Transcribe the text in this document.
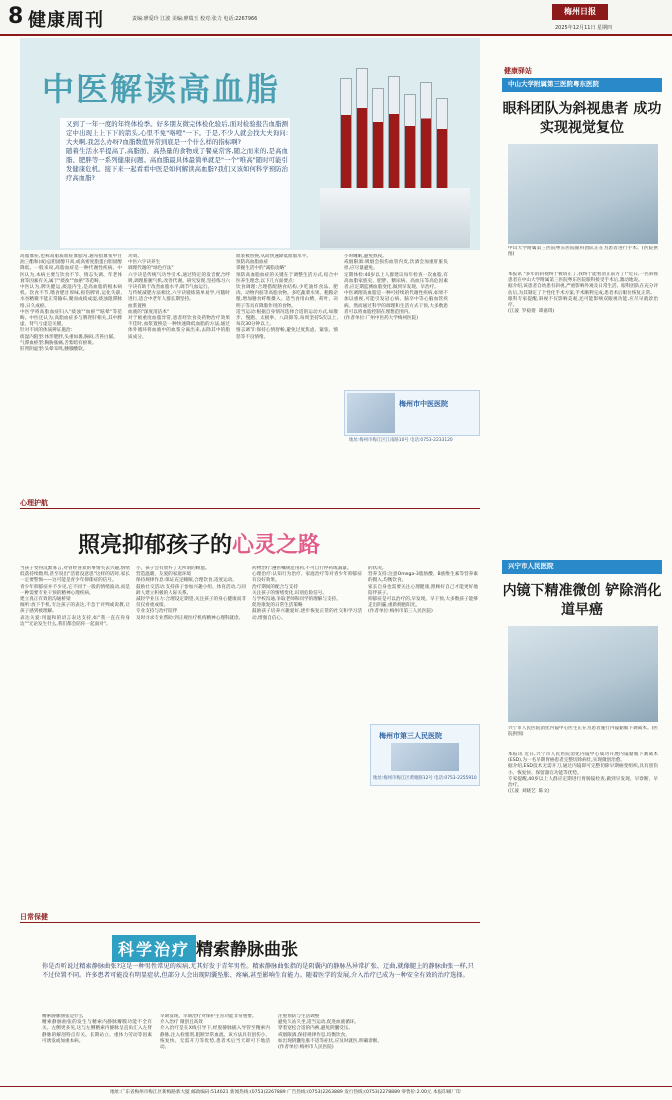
8 健康周刊	责编:廖爱玲 江波 美编:廖瑞玉 校对:张力 电话:2267966
梅州日报
2025年12月11日 星期四
中医解读高血脂
又到了一年一度的年终体检季。好多朋友微完体检化验后,面对检验报告血脂测定中出现上上下下的箭头,心里不免"咯噔"一下。于是,不少人就会找大夫询问:大夫啊,我怎么办呀?血脂数值异常到底是一个什么样的指标啊?
随着生活水平提高了,高脂肪、高热量的食物成了餐桌常客,随之而来的,是高血脂、肥胖等一系列健康问题。高血脂最具体最简单就是"一个"唯高"随时可能引发健康危机。接下来一起看看中医是如何解读高血脂?我们又该如何科学预防治疗高血脂?
高脂血症,也称高脂质血症血脂常,通常指血浆中甘油三酯和(或)总胆固醇升高,或高密度脂蛋白胆固醇降低。一般来说,高脂血症是一种代谢性疾病。中医认为,本病主要与饮食不节、情志失调、年老体衰等因素有关,属于"痰浊""血瘀"等范畴。
中医认为,脾失健运,痰湿内生,是高血脂的根本病机。饮食不节,嗜食肥甘厚味,损伤脾胃,运化失职,水谷精微不能正常输布,聚而成痰成湿,痰浊阻滞脉络,日久成瘀。
中医学将高脂血症归入"痰浊""血瘀""眩晕"等范畴。中医还认为,高脂血症多与脾肾肝相关,其中脾虚、肾气亏虚是关键。
针对不同的体质辨证施治:
痰湿内阻型:体形肥胖,头重如裹,胸闷,舌苔白腻。
气滞血瘀型:胸胁胀痛,舌紫暗有瘀斑。
肝肾阴虚型:头晕耳鸣,腰膝酸软。
功效。
中医六字诀养生
调理代谢的"绿色疗法"
六字诀是传统气功导引术,通过特定的发音配合呼吸,调理脏腑气机,改善代谢。研究发现,坚持练习六字诀有助于改善血脂水平,调节气血运行。
与传统减肥方法相比,六字诀锻炼简单易学,可随时进行,适合中老年人群长期坚持。
血浆置换
血液的"深度清洁术"
对于极重度血脂异常,患者经饮食及药物治疗效果不佳时,血浆置换是一种快速降低血脂的方法,通过体外循环将血液中的血浆分离出来,去除其中的脂质成分。
血浆被替换,从而快速降低血脂水平。
预防高血脂血症
掌握生活中的"减脂攻略"
预防高血脂血症的关键在于调整生活方式,结合中医养生理念,以下几方面要点:
饮食调理:合理搭配膳食结构,少吃油炸食品、肥肉、动物内脏等高脂食物。多吃蔬菜水果、粗粮杂粮,增加膳食纤维摄入。适当食用山楂、荷叶、决明子等具有降脂作用的食物。
适当运动:根据自身情况选择合适的运动方式,如散步、慢跑、太极拳、八段锦等,每周坚持5次以上,每次30分钟以上。
情志调节:保持心情舒畅,避免过度焦虑、紧张、愤怒等不良情绪。
小时睡眠,避免熬夜。
戒烟限酒:吸烟会损伤血管内皮,饮酒会加重肝脏负担,应尽量避免。
定期体检:40岁以上人群建议每年检查一次血脂,有高血脂家族史、肥胖、糖尿病、高血压等高危因素者,应定期监测血脂变化,做到早发现、早治疗。
中医调理高血脂是一种可持续的代谢性疾病,如果不加以重视,可能引发冠心病、脑卒中等心脑血管疾病。然而通过科学的调理和生活方式干预,大多数患者可以将血脂控制在理想范围内。
(作者单位:广州中医药大学梅州医院)
梅州市中医医院
地址:梅州市梅江区江南路10号 电话:0753-2233120
心理护航
照亮抑郁孩子的心灵之路
当孩子变得沉默寡言,对曾经喜欢的事情失去兴趣,情绪低落持续数周,甚至说出"活着没意思"这样的话时,家长一定要警惕——这可能是青少年抑郁症的信号。
青少年抑郁症并不少见,它不同于一般的情绪波动,而是一种需要专业干预的精神心理疾病。
建立真正有效的沟通桥梁
倾听:放下手机,专注孩子的表达,不急于评判或说教,让孩子感到被理解。
表达关爱:用温和的语言表达支持,如"我一直在你身边""无论发生什么,我们都会陪你一起面对"。
小、孩子会有放弃了无所谓的顾虑。
营造温暖、友爱的家庭环境
保持规律作息:保证充足睡眠,合理饮食,适度运动。
鼓励社交活动:支持孩子参加兴趣小组、体育活动,与同龄人建立积极的人际关系。
减轻学业压力:合理设定期望,关注孩子的身心健康而非仅仅看重成绩。
专业支持与治疗陪伴
及时寻求专业帮助:到正规医疗机构精神心理科就诊。
药物治疗:遵医嘱规范用药,不可自行停药或减量。
心理治疗:认知行为治疗、家庭治疗等对青少年抑郁症有良好效果。
治疗期间的配合与支持
关注孩子的情绪变化,识别危险信号。
与学校沟通,争取老师和同学的理解与支持。
促进康复的日常生活策略
鼓励孩子培养兴趣爱好,逐步恢复正常的社交和学习活动,增强自信心。
的状况。
营养支持:注意Omega-3脂肪酸、B族维生素等营养素的摄入,均衡饮食。
家长自身也需要关注心理健康,照顾好自己才能更好地陪伴孩子。
抑郁症是可以治疗的,早发现、早干预,大多数孩子能够走出阴霾,重新拥抱阳光。
(作者单位:梅州市第三人民医院)
梅州市第三人民医院
地址:梅州市梅江区黄塘路12号 电话:0753-2255910
日常保健
科学治疗 精索静脉曲张
你是否听说过精索静脉曲张?这是一种男性常见的疾病,尤其好发于青年男性。精索静脉曲张指的是阴囊内的静脉丛异常扩张、迂曲,就像腿上的静脉曲张一样,只不过位置不同。许多患者可能没有明显症状,但部分人会出现阴囊坠胀、疼痛,甚至影响生育能力。随着医学的发展,介入治疗已成为一种安全有效的治疗选择。
精索静脉曲张是什么
精索静脉曲张的发生与精索内静脉瓣膜功能不全有关。左侧更多见,这与左侧精索内静脉呈直角汇入左肾静脉的解剖特点有关。长期站立、重体力劳动等因素可诱发或加重本病。
早期发现、早期治疗对保护生育功能非常重要。
介入治疗 微创且高效
介入治疗是在X线引导下,经股静脉插入导管至精索内静脉,注入栓塞剂,阻断异常血流。该方法具有创伤小、恢复快、无需开刀等优势,患者术后当天即可下地活动。
注重预防与生活调整
避免久站久坐,适当运动,促进血液循环。
穿着宽松合适的内裤,避免阴囊受压。
戒烟限酒,保持规律作息,均衡饮食。
如出现阴囊坠胀不适等症状,应及时就医,明确诊断。
(作者单位:梅州市人民医院)
健康驿站
中山大学附属第三医院粤东医院
眼科团队为斜视患者 成功实现视觉复位
中山大学附属第三医院粤东医院眼科团队正在为患者进行手术。(医院供图)
本报讯 "多年的斜视终于被矫正了,我终于能看清正前方了!"近日,一名斜视患者在中山大学附属第三医院粤东医院眼科接受手术后,激动地说。
据介绍,该患者自幼患有斜视,严重影响外观及日常生活。眼科团队在充分评估后,为其制定了个性化手术方案,手术顺利完成,患者术后眼位恢复正常。
眼科专家提醒,斜视不仅影响美观,还可能影响双眼视功能,应尽早就诊治疗。
(江波  罗稳倩  谭嘉琪)
兴宁市人民医院
内镜下精准微创 铲除消化道早癌
兴宁市人民医院消化内镜中心医生正在为患者施行内镜黏膜下剥离术。(医院供图)
本报讯 近日,兴宁市人民医院消化内镜中心成功开展内镜黏膜下剥离术(ESD),为一名早期胃癌患者完整切除病灶,实现微创治愈。
据介绍,ESD技术无需开刀,通过内镜即可完整切除早期癌变组织,具有创伤小、恢复快、保留器官功能等优势。
专家提醒,40岁以上人群应定期进行胃肠镜检查,做到早发现、早诊断、早治疗。
(江波  刘晓艺  陈文)
地址:广东省梅州市梅江区新梅路新大厦 邮政编码:514021 新闻热线:(0753)2267889 广告热线:(0753)2263889 发行热线:(0753)2278889 零售价:2.00元 本报印刷厂印
